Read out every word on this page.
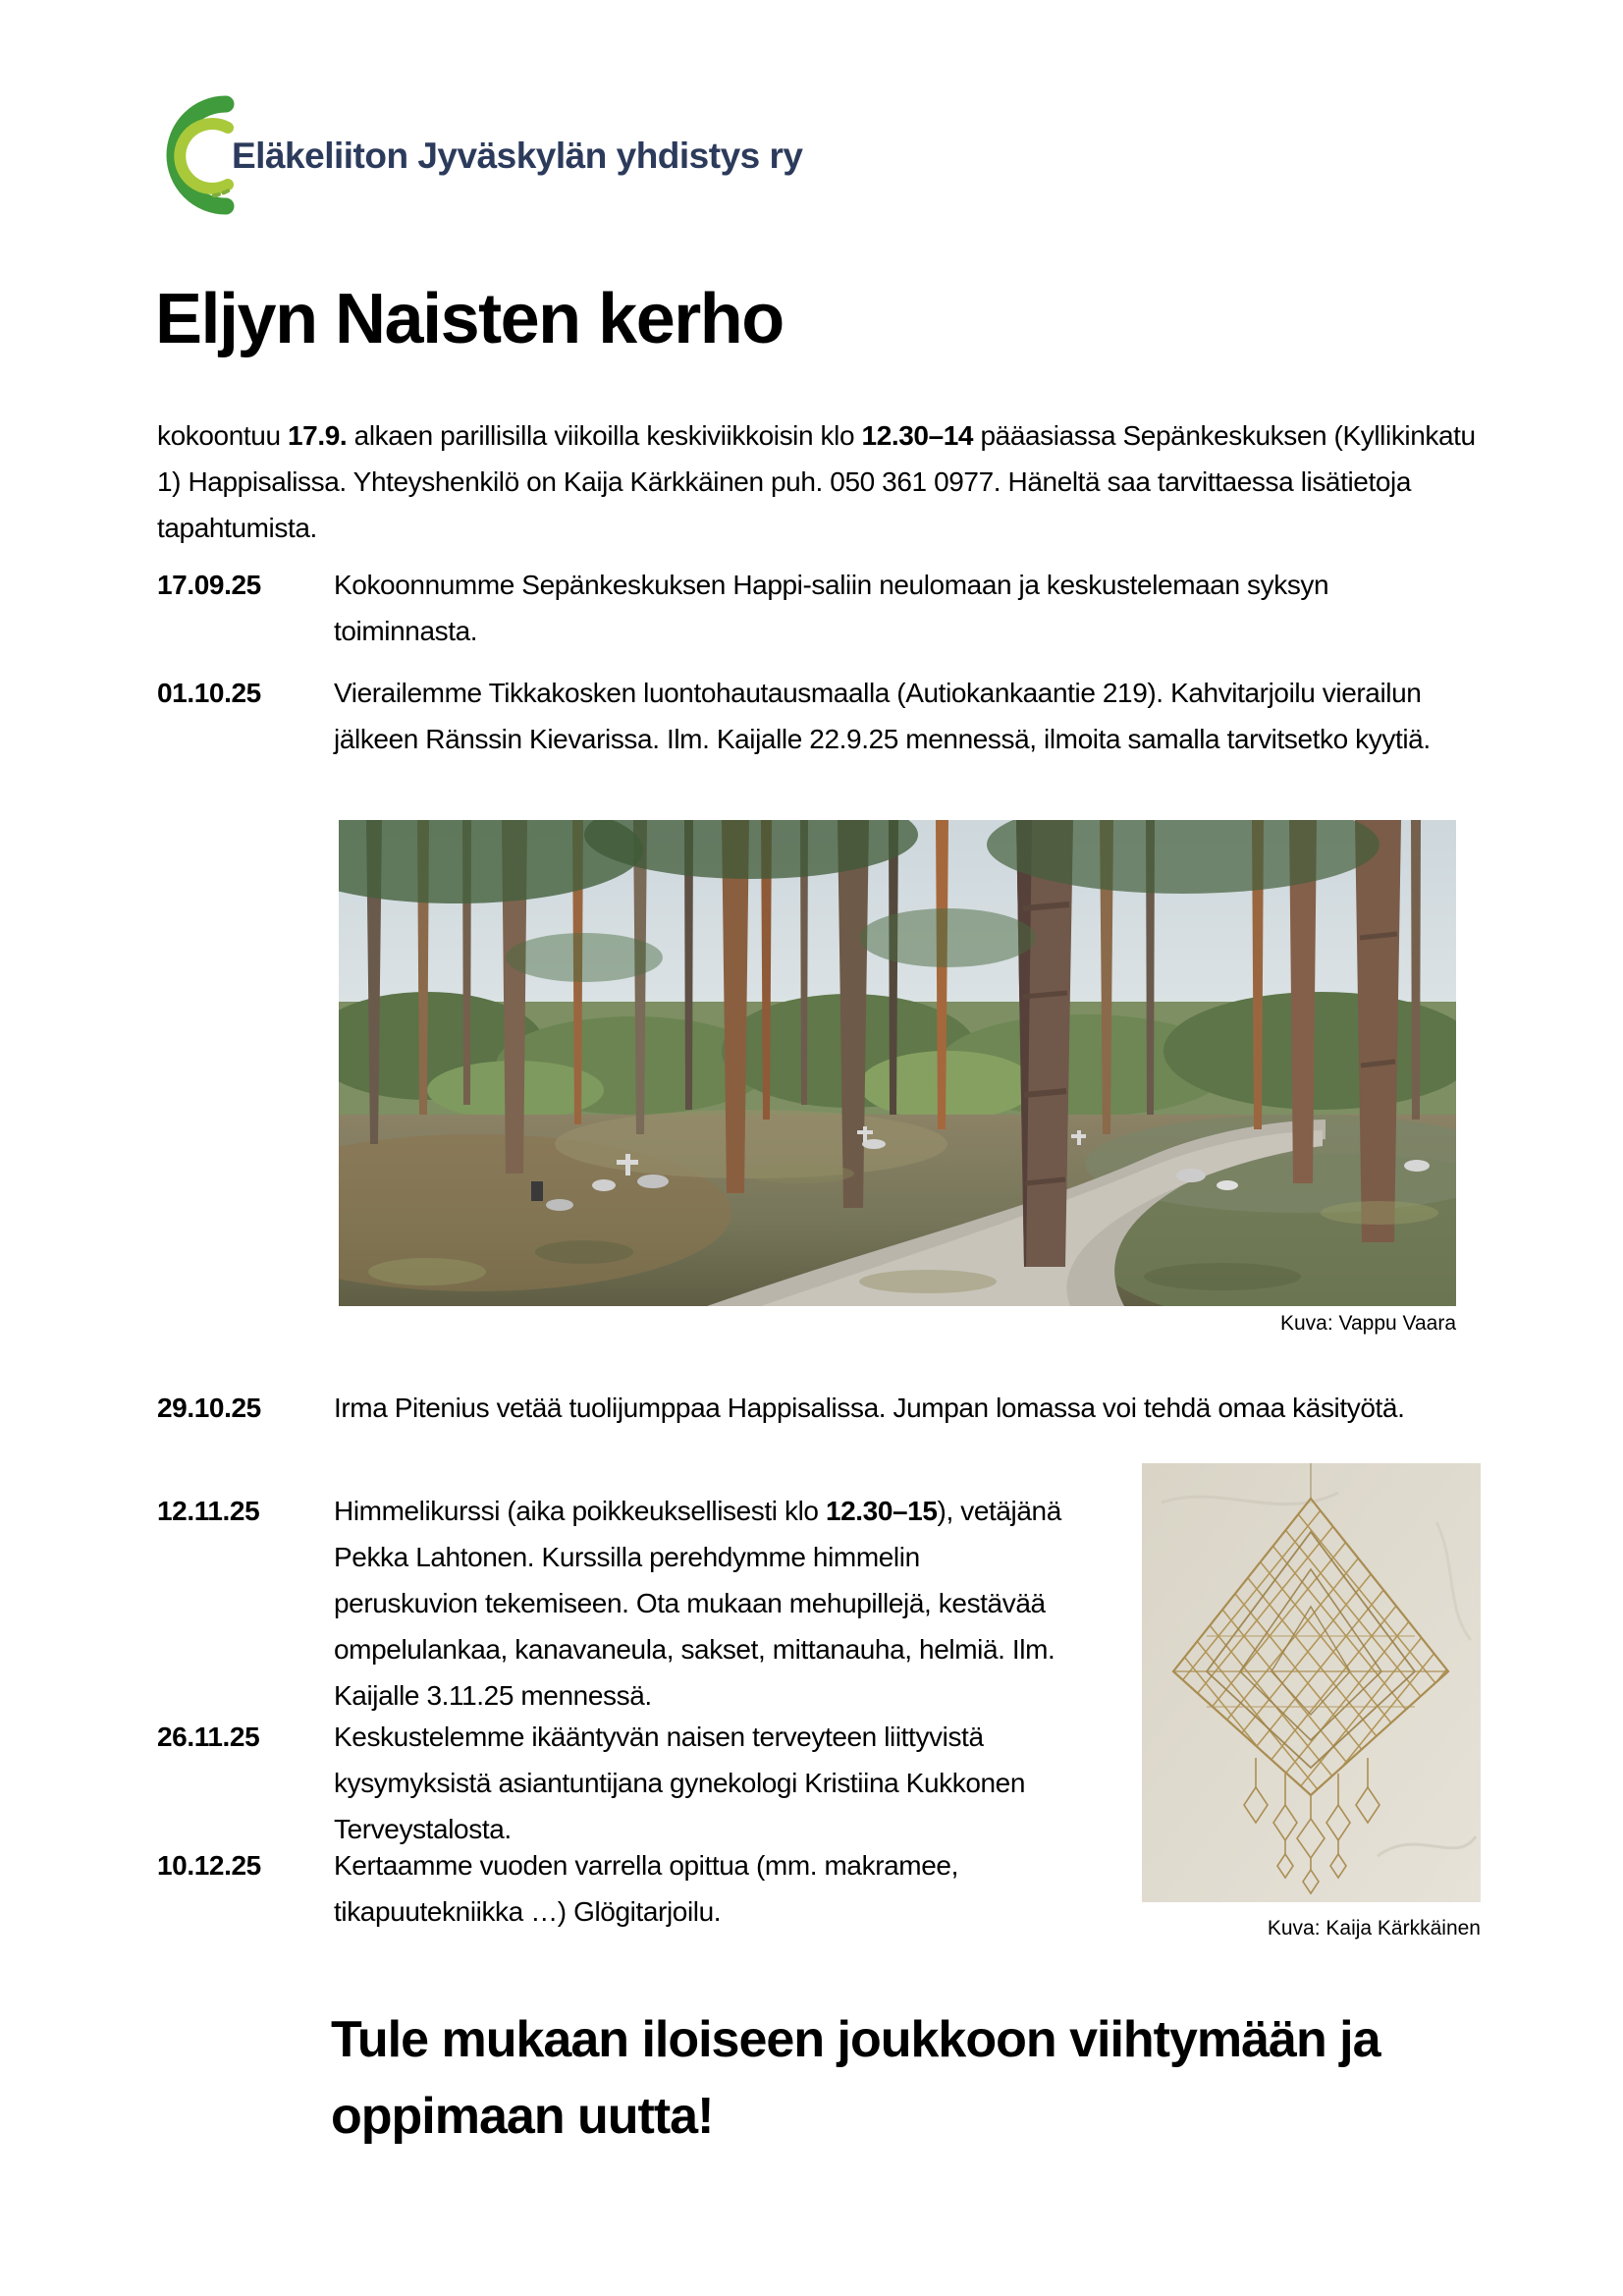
Eläkeliiton Jyväskylän yhdistys ry
Eljyn Naisten kerho

kokoontuu 17.9. alkaen parillisilla viikoilla keskiviikkoisin klo 12.30–14 pääasiassa Sepänkeskuksen (Kyllikinkatu 1) Happisalissa. Yhteyshenkilö on Kaija Kärkkäinen puh. 050 361 0977. Häneltä saa tarvittaessa lisätietoja tapahtumista.

17.09.25	Kokoonnumme Sepänkeskuksen Happi-saliin neulomaan ja keskustelemaan syksyn toiminnasta.
01.10.25	Vierailemme Tikkakosken luontohautausmaalla (Autiokankaantie 219). Kahvitarjoilu vierailun jälkeen Ränssin Kievarissa. Ilm. Kaijalle 22.9.25 mennessä, ilmoita samalla tarvitsetko kyytiä.
Kuva: Vappu Vaara
29.10.25	Irma Pitenius vetää tuolijumppaa Happisalissa. Jumpan lomassa voi tehdä omaa käsityötä.
12.11.25	Himmelikurssi (aika poikkeuksellisesti klo 12.30–15), vetäjänä Pekka Lahtonen. Kurssilla perehdymme himmelin peruskuvion tekemiseen. Ota mukaan mehupillejä, kestävää ompelulankaa, kanavaneula, sakset, mittanauha, helmiä. Ilm. Kaijalle 3.11.25 mennessä.
26.11.25	Keskustelemme ikääntyvän naisen terveyteen liittyvistä kysymyksistä asiantuntijana gynekologi Kristiina Kukkonen Terveystalosta.
10.12.25	Kertaamme vuoden varrella opittua (mm. makramee, tikapuutekniikka …) Glögitarjoilu.
Kuva: Kaija Kärkkäinen

Tule mukaan iloiseen joukkoon viihtymään ja oppimaan uutta!
